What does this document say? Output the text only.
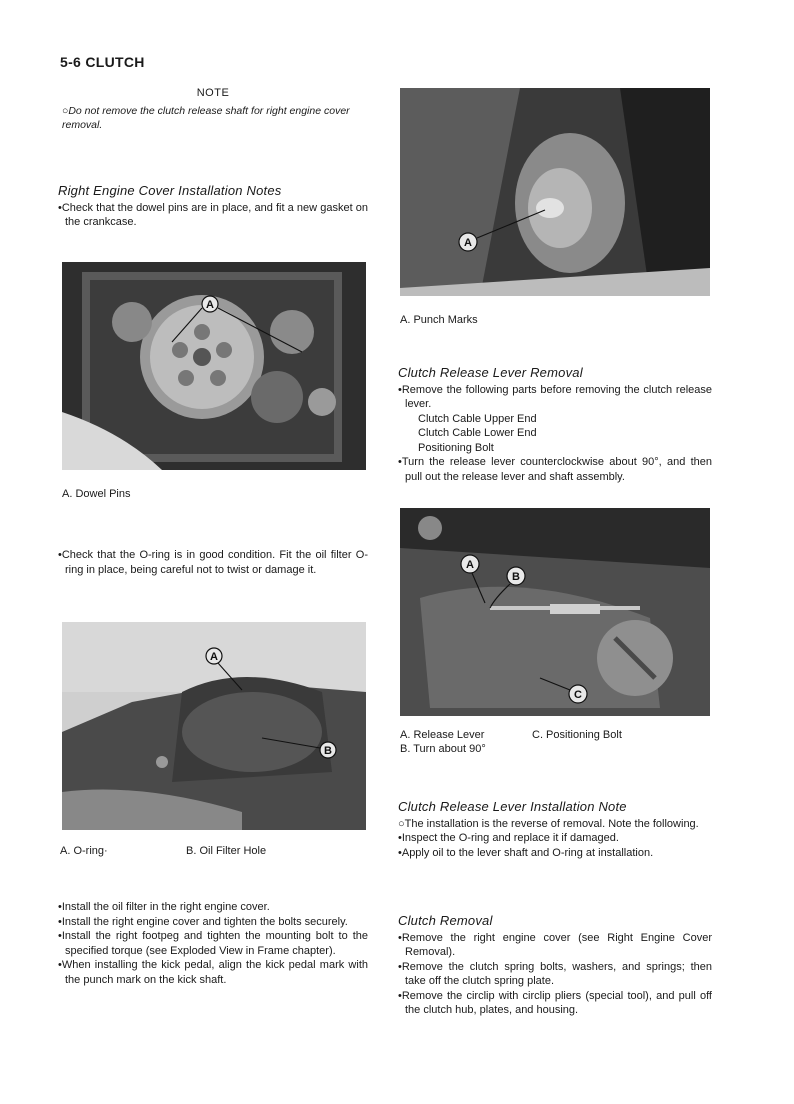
5-6 CLUTCH
NOTE
○Do not remove the clutch release shaft for right engine cover removal.
Right Engine Cover Installation Notes

•Check that the dowel pins are in place, and fit a new gasket on the crankcase.

A
A. Dowel Pins

•Check that the O-ring is in good condition. Fit the oil filter O-ring in place, being careful not to twist or damage it.

A
B
A. O-ring·	B. Oil Filter Hole

•Install the oil filter in the right engine cover.

•Install the right engine cover and tighten the bolts securely.

•Install the right footpeg and tighten the mounting bolt to the specified torque (see Exploded View in Frame chapter).

•When installing the kick pedal, align the kick pedal mark with the punch mark on the kick shaft.

A
A. Punch Marks
Clutch Release Lever Removal

•Remove the following parts before removing the clutch release lever.

Clutch Cable Upper End

Clutch Cable Lower End

Positioning Bolt

•Turn the release lever counterclockwise about 90°, and then pull out the release lever and shaft assembly.

A
B
C
A. Release Lever
B. Turn about 90°
C. Positioning Bolt
Clutch Release Lever Installation Note

○The installation is the reverse of removal. Note the following.

•Inspect the O-ring and replace it if damaged.

•Apply oil to the lever shaft and O-ring at installation.

Clutch Removal

•Remove the right engine cover (see Right Engine Cover Removal).

•Remove the clutch spring bolts, washers, and springs; then take off the clutch spring plate.

•Remove the circlip with circlip pliers (special tool), and pull off the clutch hub, plates, and housing.
